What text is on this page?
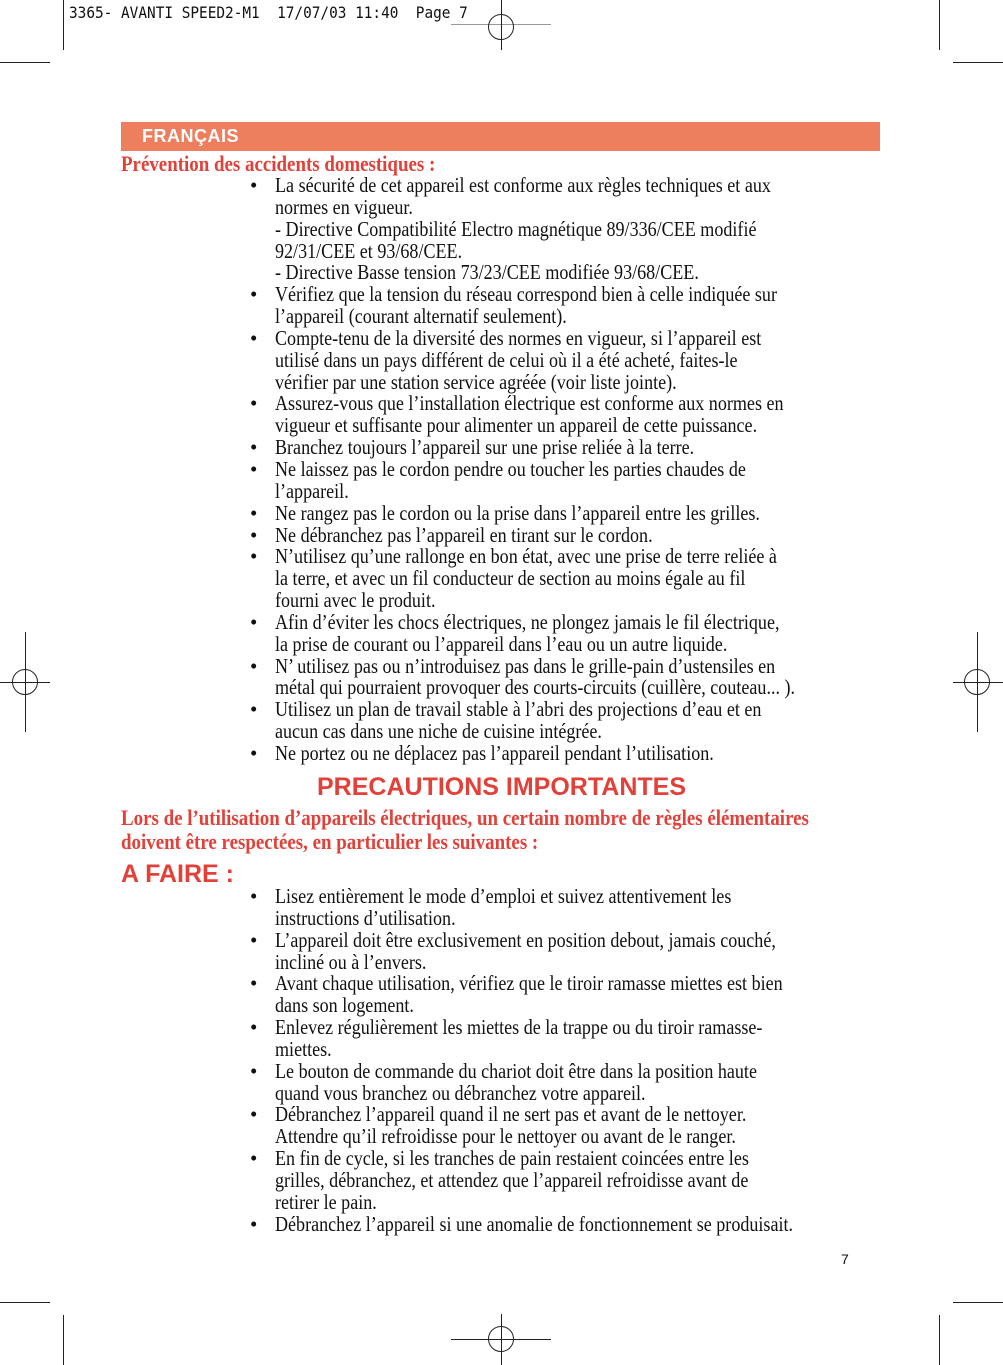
3365- AVANTI SPEED2-M1  17/07/03 11:40  Page 7
FRANÇAIS
Prévention des accidents domestiques :
• La sécurité de cet appareil est conforme aux règles techniques et aux
normes en vigueur.
- Directive Compatibilité Electro magnétique 89/336/CEE modifié
92/31/CEE et 93/68/CEE.
- Directive Basse tension 73/23/CEE modifiée 93/68/CEE.
• Vérifiez que la tension du réseau correspond bien à celle indiquée sur
l’appareil (courant alternatif seulement).
• Compte-tenu de la diversité des normes en vigueur, si l’appareil est
utilisé dans un pays différent de celui où il a été acheté, faites-le
vérifier par une station service agréée (voir liste jointe).
• Assurez-vous que l’installation électrique est conforme aux normes en
vigueur et suffisante pour alimenter un appareil de cette puissance.
• Branchez toujours l’appareil sur une prise reliée à la terre.
• Ne laissez pas le cordon pendre ou toucher les parties chaudes de
l’appareil.
• Ne rangez pas le cordon ou la prise dans l’appareil entre les grilles.
• Ne débranchez pas l’appareil en tirant sur le cordon.
• N’utilisez qu’une rallonge en bon état, avec une prise de terre reliée à
la terre, et avec un fil conducteur de section au moins égale au fil
fourni avec le produit.
• Afin d’éviter les chocs électriques, ne plongez jamais le fil électrique,
la prise de courant ou l’appareil dans l’eau ou un autre liquide.
• N’ utilisez pas ou n’introduisez pas dans le grille-pain d’ustensiles en
métal qui pourraient provoquer des courts-circuits (cuillère, couteau... ).
• Utilisez un plan de travail stable à l’abri des projections d’eau et en
aucun cas dans une niche de cuisine intégrée.
• Ne portez ou ne déplacez pas l’appareil pendant l’utilisation.
PRECAUTIONS IMPORTANTES
Lors de l’utilisation d’appareils électriques, un certain nombre de règles élémentaires
doivent être respectées, en particulier les suivantes :
A FAIRE :
• Lisez entièrement le mode d’emploi et suivez attentivement les
instructions d’utilisation.
• L’appareil doit être exclusivement en position debout, jamais couché,
incliné ou à l’envers.
• Avant chaque utilisation, vérifiez que le tiroir ramasse miettes est bien
dans son logement.
• Enlevez régulièrement les miettes de la trappe ou du tiroir ramasse-
miettes.
• Le bouton de commande du chariot doit être dans la position haute
quand vous branchez ou débranchez votre appareil.
• Débranchez l’appareil quand il ne sert pas et avant de le nettoyer.
Attendre qu’il refroidisse pour le nettoyer ou avant de le ranger.
• En fin de cycle, si les tranches de pain restaient coincées entre les
grilles, débranchez, et attendez que l’appareil refroidisse avant de
retirer le pain.
• Débranchez l’appareil si une anomalie de fonctionnement se produisait.
7
